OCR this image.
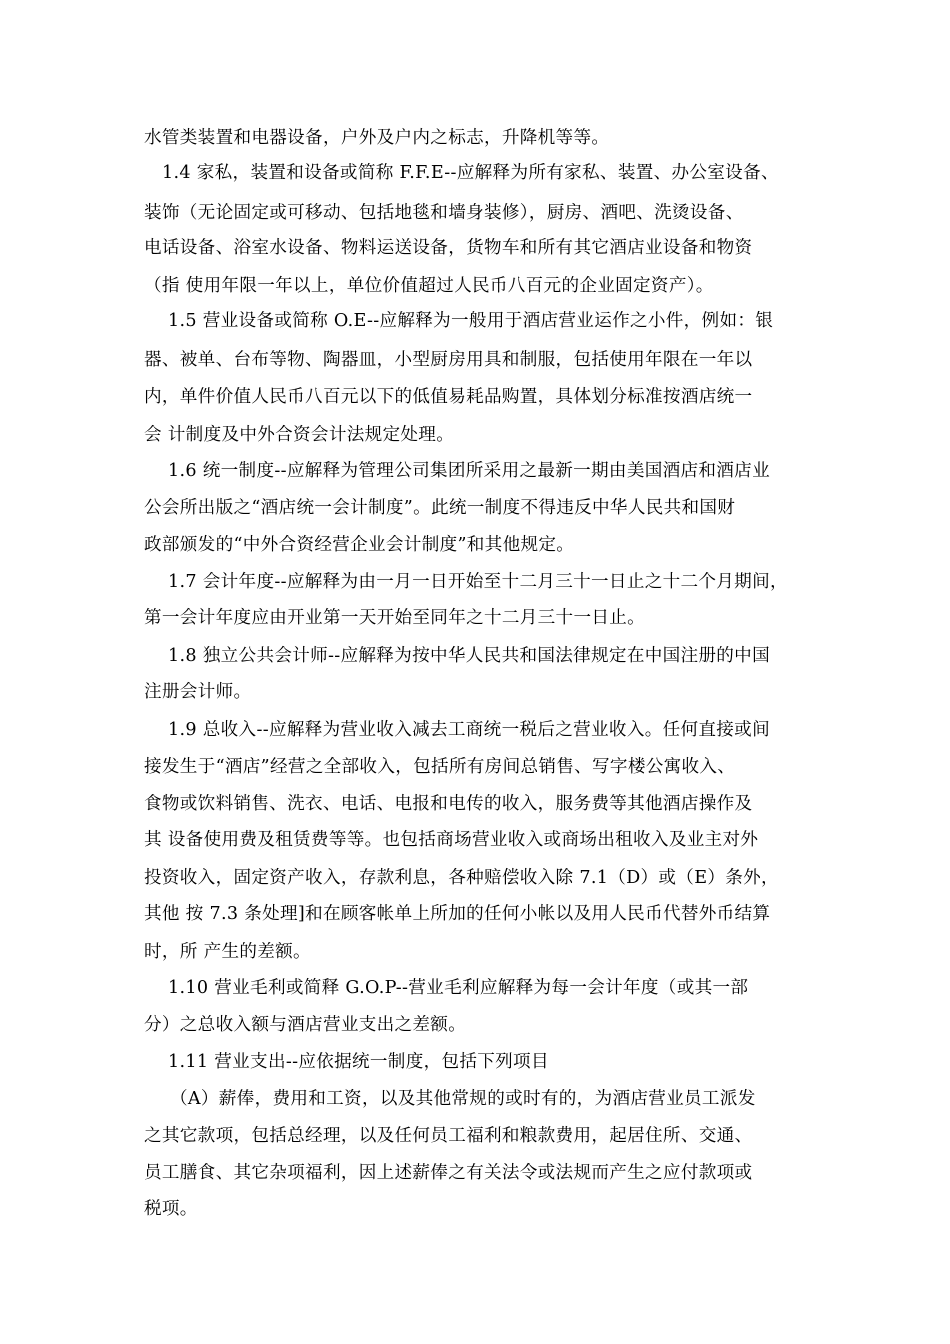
水管类装置和电器设备，户外及户内之标志，升降机等等。
1.4 家私，装置和设备或简称 F.F.E--应解释为所有家私、装置、办公室设备、
装饰（无论固定或可移动、包括地毯和墙身装修），厨房、酒吧、洗烫设备、
电话设备、浴室水设备、物料运送设备，货物车和所有其它酒店业设备和物资
（指 使用年限一年以上，单位价值超过人民币八百元的企业固定资产）。
1.5 营业设备或简称 O.E--应解释为一般用于酒店营业运作之小件，例如：银
器、被单、台布等物、陶器皿，小型厨房用具和制服，包括使用年限在一年以
内，单件价值人民币八百元以下的低值易耗品购置，具体划分标准按酒店统一
会 计制度及中外合资会计法规定处理。
1.6 统一制度--应解释为管理公司集团所采用之最新一期由美国酒店和酒店业
公会所出版之“酒店统一会计制度”。此统一制度不得违反中华人民共和国财
政部颁发的“中外合资经营企业会计制度”和其他规定。
1.7 会计年度--应解释为由一月一日开始至十二月三十一日止之十二个月期间，
第一会计年度应由开业第一天开始至同年之十二月三十一日止。
1.8 独立公共会计师--应解释为按中华人民共和国法律规定在中国注册的中国
注册会计师。
1.9 总收入--应解释为营业收入减去工商统一税后之营业收入。任何直接或间
接发生于“酒店”经营之全部收入，包括所有房间总销售、写字楼公寓收入、
食物或饮料销售、洗衣、电话、电报和电传的收入，服务费等其他酒店操作及
其 设备使用费及租赁费等等。也包括商场营业收入或商场出租收入及业主对外
投资收入，固定资产收入，存款利息，各种赔偿收入除 7.1（D）或（E）条外，
其他 按 7.3 条处理]和在顾客帐单上所加的任何小帐以及用人民币代替外币结算
时，所 产生的差额。
1.10 营业毛利或简释 G.O.P--营业毛利应解释为每一会计年度（或其一部
分）之总收入额与酒店营业支出之差额。
1.11 营业支出--应依据统一制度，包括下列项目
（A）薪俸，费用和工资，以及其他常规的或时有的，为酒店营业员工派发
之其它款项，包括总经理，以及任何员工福利和粮款费用，起居住所、交通、
员工膳食、其它杂项福利，因上述薪俸之有关法令或法规而产生之应付款项或
税项。
